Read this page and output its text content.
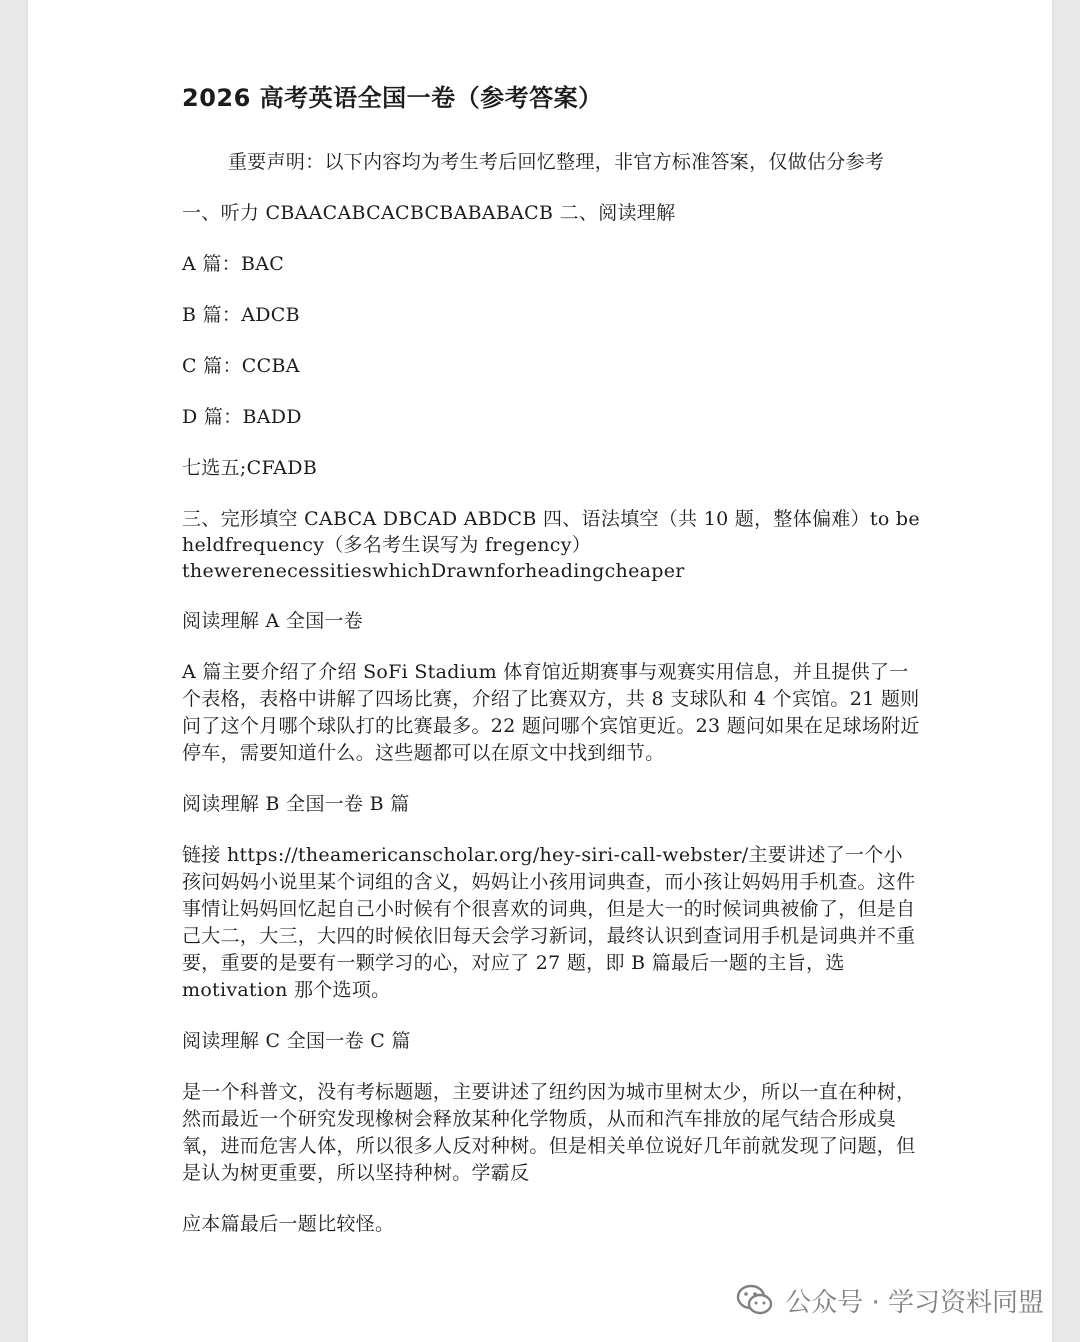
2026 高考英语全国一卷（参考答案）
重要声明：以下内容均为考生考后回忆整理，非官方标准答案，仅做估分参考
一、听力 CBAACABCACBCBABABACB 二、阅读理解
A 篇：BAC
B 篇：ADCB
C 篇：CCBA
D 篇：BADD
七选五;CFADB
三、完形填空 CABCA DBCAD ABDCB 四、语法填空（共 10 题，整体偏难）to be heldfrequency（多名考生误写为 fregency）thewerenecessitieswhichDrawnforheadingcheaper
阅读理解 A 全国一卷
A 篇主要介绍了介绍 SoFi Stadium 体育馆近期赛事与观赛实用信息，并且提供了一个表格，表格中讲解了四场比赛，介绍了比赛双方，共 8 支球队和 4 个宾馆。21 题则问了这个月哪个球队打的比赛最多。22 题问哪个宾馆更近。23 题问如果在足球场附近停车，需要知道什么。这些题都可以在原文中找到细节。
阅读理解 B 全国一卷 B 篇
链接 https://theamericanscholar.org/hey-siri-call-webster/主要讲述了一个小孩问妈妈小说里某个词组的含义，妈妈让小孩用词典查，而小孩让妈妈用手机查。这件事情让妈妈回忆起自己小时候有个很喜欢的词典，但是大一的时候词典被偷了，但是自己大二，大三，大四的时候依旧每天会学习新词，最终认识到查词用手机是词典并不重要，重要的是要有一颗学习的心，对应了 27 题，即 B 篇最后一题的主旨，选 motivation 那个选项。
阅读理解 C 全国一卷 C 篇
是一个科普文，没有考标题题，主要讲述了纽约因为城市里树太少，所以一直在种树，然而最近一个研究发现橡树会释放某种化学物质，从而和汽车排放的尾气结合形成臭氧，进而危害人体，所以很多人反对种树。但是相关单位说好几年前就发现了问题，但是认为树更重要，所以坚持种树。学霸反
应本篇最后一题比较怪。
公众号 · 学习资料同盟
